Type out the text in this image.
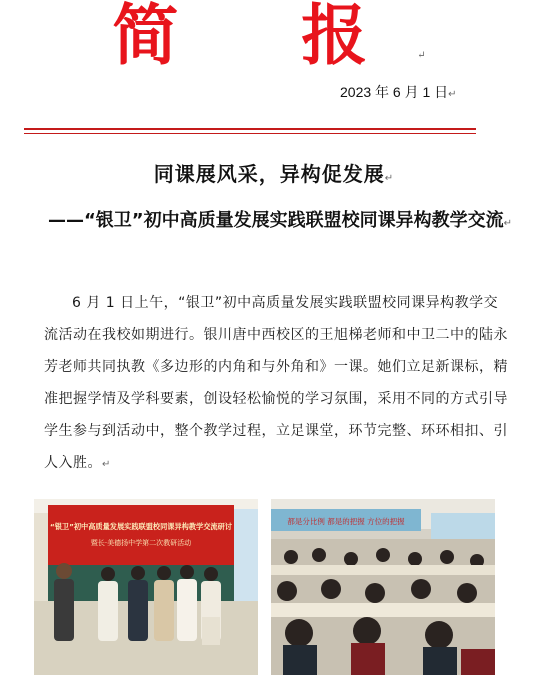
简 报↵
2023 年 6 月 1 日↵
同课展风采，异构促发展↵
——“银卫”初中高质量发展实践联盟校同课异构教学交流↵

6 月 1 日上午，“银卫”初中高质量发展实践联盟校同课异构教学交流活动在我校如期进行。银川唐中西校区的王旭梯老师和中卫二中的陆永芳老师共同执教《多边形的内角和与外角和》一课。她们立足新课标，精准把握学情及学科要素，创设轻松愉悦的学习氛围，采用不同的方式引导学生参与到活动中，整个教学过程，立足课堂，环节完整、环环相扣、引人入胜。↵

“银卫”初中高质量发展实践联盟校同课异构教学交流研讨
暨长·美德扬中学第二次教研活动
都是分比例 都是的把握 方位的把握
